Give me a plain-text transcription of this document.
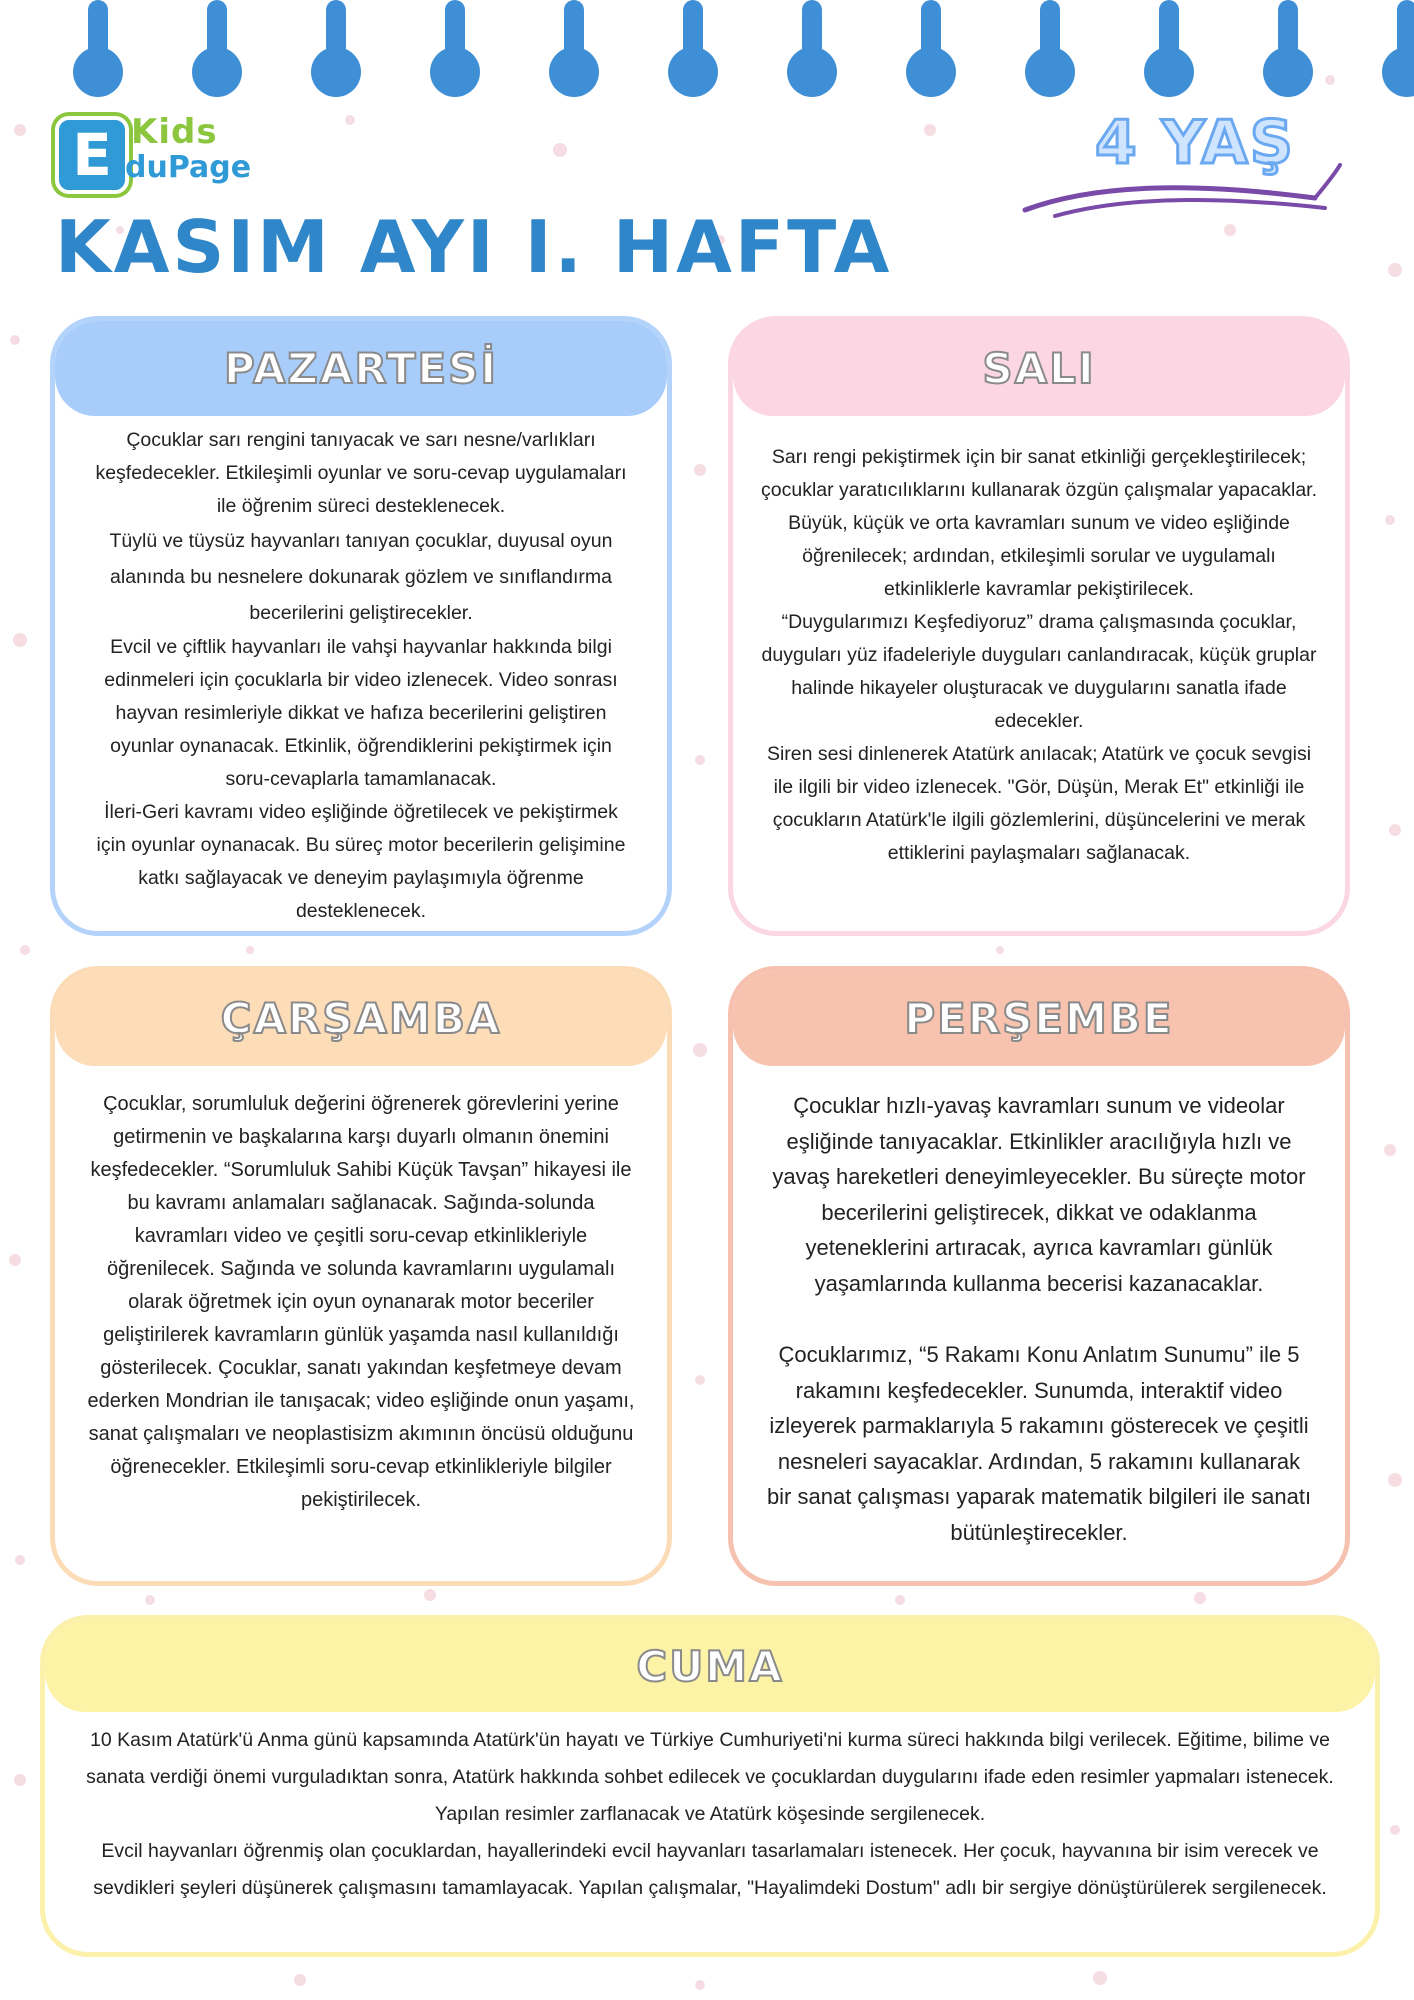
E Kids
duPage	4 YAŞ
KASIM AYI I. HAFTA
PAZARTESİ

Çocuklar sarı rengini tanıyacak ve sarı nesne/varlıkları keşfedecekler. Etkileşimli oyunlar ve soru-cevap uygulamaları ile öğrenim süreci desteklenecek.

Tüylü ve tüysüz hayvanları tanıyan çocuklar, duyusal oyun alanında bu nesnelere dokunarak gözlem ve sınıflandırma becerilerini geliştirecekler.

Evcil ve çiftlik hayvanları ile vahşi hayvanlar hakkında bilgi edinmeleri için çocuklarla bir video izlenecek. Video sonrası hayvan resimleriyle dikkat ve hafıza becerilerini geliştiren oyunlar oynanacak. Etkinlik, öğrendiklerini pekiştirmek için soru-cevaplarla tamamlanacak.

İleri-Geri kavramı video eşliğinde öğretilecek ve pekiştirmek için oyunlar oynanacak. Bu süreç motor becerilerin gelişimine katkı sağlayacak ve deneyim paylaşımıyla öğrenme desteklenecek.

SALI

Sarı rengi pekiştirmek için bir sanat etkinliği gerçekleştirilecek; çocuklar yaratıcılıklarını kullanarak özgün çalışmalar yapacaklar.

Büyük, küçük ve orta kavramları sunum ve video eşliğinde öğrenilecek; ardından, etkileşimli sorular ve uygulamalı etkinliklerle kavramlar pekiştirilecek.

“Duygularımızı Keşfediyoruz” drama çalışmasında çocuklar, duyguları yüz ifadeleriyle duyguları canlandıracak, küçük gruplar halinde hikayeler oluşturacak ve duygularını sanatla ifade edecekler.

Siren sesi dinlenerek Atatürk anılacak; Atatürk ve çocuk sevgisi ile ilgili bir video izlenecek. "Gör, Düşün, Merak Et" etkinliği ile çocukların Atatürk'le ilgili gözlemlerini, düşüncelerini ve merak ettiklerini paylaşmaları sağlanacak.

ÇARŞAMBA

Çocuklar, sorumluluk değerini öğrenerek görevlerini yerine getirmenin ve başkalarına karşı duyarlı olmanın önemini keşfedecekler. “Sorumluluk Sahibi Küçük Tavşan” hikayesi ile bu kavramı anlamaları sağlanacak. Sağında-solunda kavramları video ve çeşitli soru-cevap etkinlikleriyle öğrenilecek. Sağında ve solunda kavramlarını uygulamalı olarak öğretmek için oyun oynanarak motor beceriler geliştirilerek kavramların günlük yaşamda nasıl kullanıldığı gösterilecek. Çocuklar, sanatı yakından keşfetmeye devam ederken Mondrian ile tanışacak; video eşliğinde onun yaşamı, sanat çalışmaları ve neoplastisizm akımının öncüsü olduğunu öğrenecekler. Etkileşimli soru-cevap etkinlikleriyle bilgiler pekiştirilecek.

PERŞEMBE

Çocuklar hızlı-yavaş kavramları sunum ve videolar eşliğinde tanıyacaklar. Etkinlikler aracılığıyla hızlı ve yavaş hareketleri deneyimleyecekler. Bu süreçte motor becerilerini geliştirecek, dikkat ve odaklanma yeteneklerini artıracak, ayrıca kavramları günlük yaşamlarında kullanma becerisi kazanacaklar.

Çocuklarımız, “5 Rakamı Konu Anlatım Sunumu” ile 5 rakamını keşfedecekler. Sunumda, interaktif video izleyerek parmaklarıyla 5 rakamını gösterecek ve çeşitli nesneleri sayacaklar. Ardından, 5 rakamını kullanarak bir sanat çalışması yaparak matematik bilgileri ile sanatı bütünleştirecekler.

CUMA

10 Kasım Atatürk'ü Anma günü kapsamında Atatürk'ün hayatı ve Türkiye Cumhuriyeti'ni kurma süreci hakkında bilgi verilecek. Eğitime, bilime ve sanata verdiği önemi vurguladıktan sonra, Atatürk hakkında sohbet edilecek ve çocuklardan duygularını ifade eden resimler yapmaları istenecek. Yapılan resimler zarflanacak ve Atatürk köşesinde sergilenecek.

Evcil hayvanları öğrenmiş olan çocuklardan, hayallerindeki evcil hayvanları tasarlamaları istenecek. Her çocuk, hayvanına bir isim verecek ve sevdikleri şeyleri düşünerek çalışmasını tamamlayacak. Yapılan çalışmalar, "Hayalimdeki Dostum" adlı bir sergiye dönüştürülerek sergilenecek.
